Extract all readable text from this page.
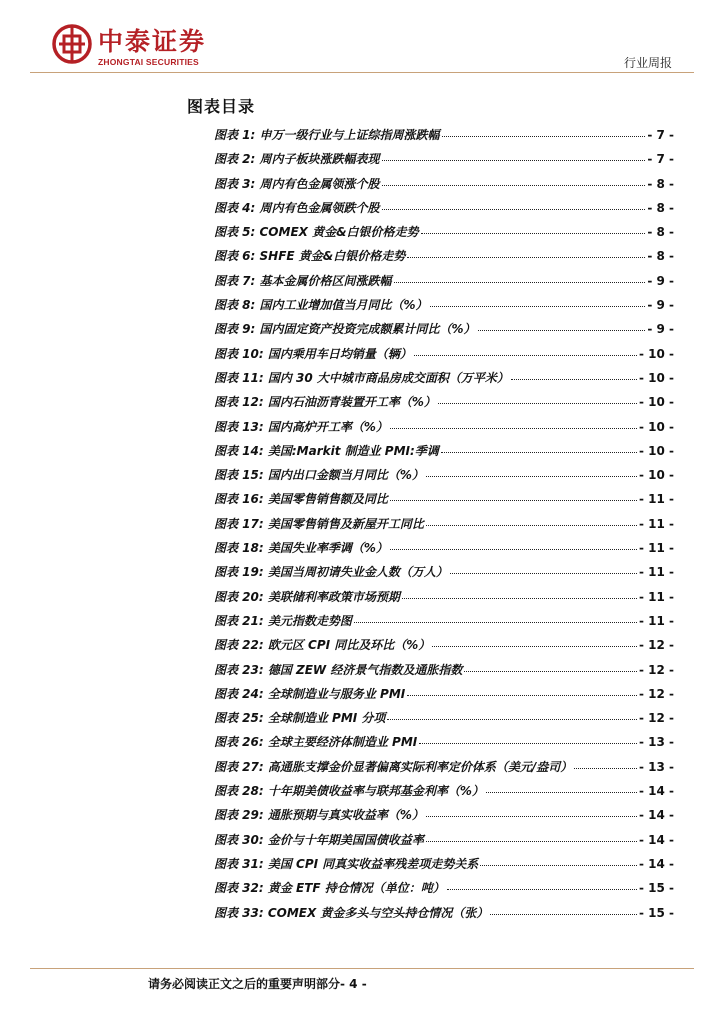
中泰证券
ZHONGTAI SECURITIES	行业周报
图表目录
图表 1: 申万一级行业与上证综指周涨跌幅	- 7 -
图表 2: 周内子板块涨跌幅表现	- 7 -
图表 3: 周内有色金属领涨个股	- 8 -
图表 4: 周内有色金属领跌个股	- 8 -
图表 5: COMEX 黄金&白银价格走势	- 8 -
图表 6: SHFE 黄金&白银价格走势	- 8 -
图表 7: 基本金属价格区间涨跌幅	- 9 -
图表 8: 国内工业增加值当月同比（%）	- 9 -
图表 9: 国内固定资产投资完成额累计同比（%）	- 9 -
图表 10: 国内乘用车日均销量（辆）	- 10 -
图表 11: 国内 30 大中城市商品房成交面积（万平米）	- 10 -
图表 12: 国内石油沥青装置开工率（%）	- 10 -
图表 13: 国内高炉开工率（%）	- 10 -
图表 14: 美国:Markit 制造业 PMI:季调	- 10 -
图表 15: 国内出口金额当月同比（%）	- 10 -
图表 16: 美国零售销售额及同比	- 11 -
图表 17: 美国零售销售及新屋开工同比	- 11 -
图表 18: 美国失业率季调（%）	- 11 -
图表 19: 美国当周初请失业金人数（万人）	- 11 -
图表 20: 美联储利率政策市场预期	- 11 -
图表 21: 美元指数走势图	- 11 -
图表 22: 欧元区 CPI 同比及环比（%）	- 12 -
图表 23: 德国 ZEW 经济景气指数及通胀指数	- 12 -
图表 24: 全球制造业与服务业 PMI	- 12 -
图表 25: 全球制造业 PMI 分项	- 12 -
图表 26: 全球主要经济体制造业 PMI	- 13 -
图表 27: 高通胀支撑金价显著偏离实际利率定价体系（美元/盎司）	- 13 -
图表 28: 十年期美债收益率与联邦基金利率（%）	- 14 -
图表 29: 通胀预期与真实收益率（%）	- 14 -
图表 30: 金价与十年期美国国债收益率	- 14 -
图表 31: 美国 CPI 同真实收益率残差项走势关系	- 14 -
图表 32: 黄金 ETF 持仓情况（单位：吨）	- 15 -
图表 33: COMEX 黄金多头与空头持仓情况（张）	- 15 -
请务必阅读正文之后的重要声明部分- 4 -
